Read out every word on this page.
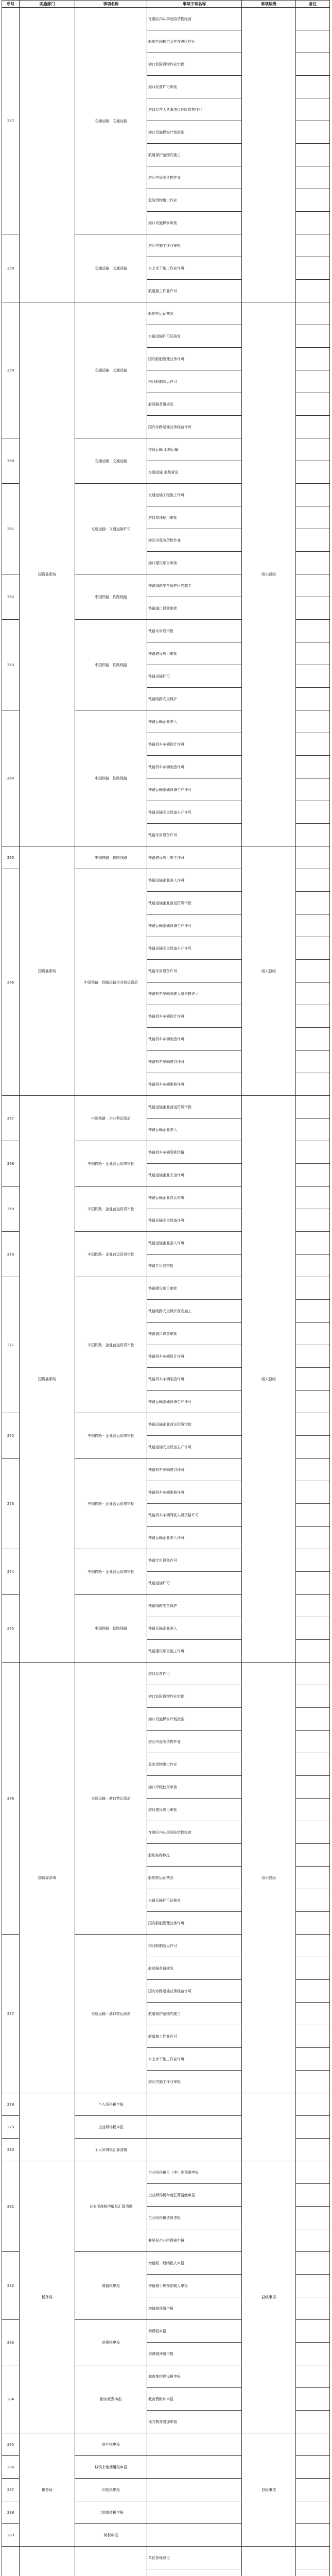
序号	实施部门	事项名称	事项子项名称	事项层级	备注
257		交通运输 · 文通运输	在港区内从事危险货物经营		
			船舶名称核定及其在港区作业		
			港口危险货物作业审批		
			港口经营许可审批		
			港口经营人从事港口危险货物作业		
			港口设施保安计划批准		
			航道保护范围内施工		
			港区内危险货物作业		
			危险货物港口作业		
			港口设施保安审批		
258		交通运输 · 文通运输	港区内施工作业审批		
			水上水下施工作业许可		
			航道施工作业许可		
259	国资委系统	交通运输 · 文通运输	船舶营运证核发	绍兴县级	
			水路运输许可证核发		
			国内船舶管理业务许可		
			内河船舶营运许可		
			船员服务簿核发		
			国内水路运输业务经营许可		
260		交通运输 · 文通运输	交通运输 水路运输		
			交通运输 水路营运		
261		交通运输 · 文通运输许可	交通运输工程施工许可		
			港口岸线使用审批		
			港区内危险货物作业		
			港口建设项目审批		
262		中国铁路 · 铁路线路	铁路线路安全保护区内施工		
			铁路道口设置审批		
263		中国铁路 · 铁路线路	铁路专用线审批		
			铁路建设项目审批		
			铁路运输许可		
			铁路线路安全保护		
264		中国铁路 · 铁路线路	铁路运输企业准入		
			铁路机车车辆设计许可		
			铁路机车车辆制造许可		
			铁路运输基础设备生产许可		
			铁路运输安全设备生产许可		
			铁路专用设备许可		
265	国资委系统	中国铁路 · 铁路线路	铁路建设项目施工许可	绍兴县级	
266		中国铁路 · 铁路运输企业营运资质	铁路运输企业准入许可		
			铁路运输企业营运资质审批		
			铁路运输基础设备生产许可		
			铁路运输安全设备生产许可		
			铁路专用设备许可		
			铁路机车车辆驾驶人员资格许可		
			铁路机车车辆设计许可		
			铁路机车车辆制造许可		
			铁路机车车辆进口许可		
			铁路机车车辆维修许可		
267	国资委系统	中国铁路 · 企业营运资质	铁路运输企业营运资质审批	绍兴县级	
			铁路运输企业准入		
268		中国铁路 · 企业营运资质审批	铁路机车车辆驾驶资格		
			铁路运输企业安全许可		
269		中国铁路 · 企业营运资质审批	铁路运输企业营运资质		
			铁路运输安全设备许可		
270		中国铁路 · 企业营运资质审批	铁路运输企业准入许可		
			铁路专用线审批		
271		中国铁路 · 企业营运资质审批	铁路建设项目审批		
			铁路线路安全保护区内施工		
			铁路道口设置审批		
			铁路机车车辆设计许可		
			铁路机车车辆制造许可		
			铁路运输基础设备生产许可		
272		中国铁路 · 企业营运资质审批	铁路运输企业营运资质审批		
			铁路运输安全设备生产许可		
273		中国铁路 · 企业营运资质审批	铁路机车车辆进口许可		
			铁路机车车辆维修许可		
			铁路机车车辆驾驶人员资格许可		
			铁路运输企业准入许可		
274		中国铁路 · 企业营运资质审批	铁路专用设备许可		
			铁路运输许可		
275		中国铁路 · 铁路线路	铁路线路安全保护		
			铁路运输企业准入		
			铁路建设项目施工许可		
276	国资委系统	交通运输 · 港口营运资质	港口经营许可	绍兴县级	
			港口危险货物作业审批		
			港口设施保安计划批准		
			港区内危险货物作业		
			危险货物港口作业		
			港口岸线使用审批		
			港口建设项目审批		
			在港区内从事危险货物经营		
			船舶名称核定		
			船舶营运证核发		
			水路运输许可证核发		
			国内船舶管理业务许可		
277		交通运输 · 港口营运资质	内河船舶营运许可		
			船员服务簿核发		
			国内水路运输业务经营许可		
			航道保护范围内施工		
			航道施工作业许可		
			水上水下施工作业许可		
			港区内施工作业审批		
278		个人所得税申报			
279		企业所得税申报			
280		个人所得税汇算清缴			
281	税务局	企业所得税申报及汇算清缴	企业所得税月（季）度预缴申报	县级事项	
			企业所得税年度汇算清缴申报		
			企业所得税清算申报		
			非居民企业所得税申报		
282		增值税申报	增值税一般纳税人申报		
			增值税小规模纳税人申报		
			增值税预缴申报		
283		消费税申报	消费税申报		
			消费税预缴申报		
284		附加税费申报	城市维护建设税申报		
			教育费附加申报		
			地方教育附加申报		
285	税务局	房产税申报		县级事项	
286		城镇土地使用税申报			
287		印花税申报			
288		土地增值税申报			
289		契税申报			
			单位参保登记		
